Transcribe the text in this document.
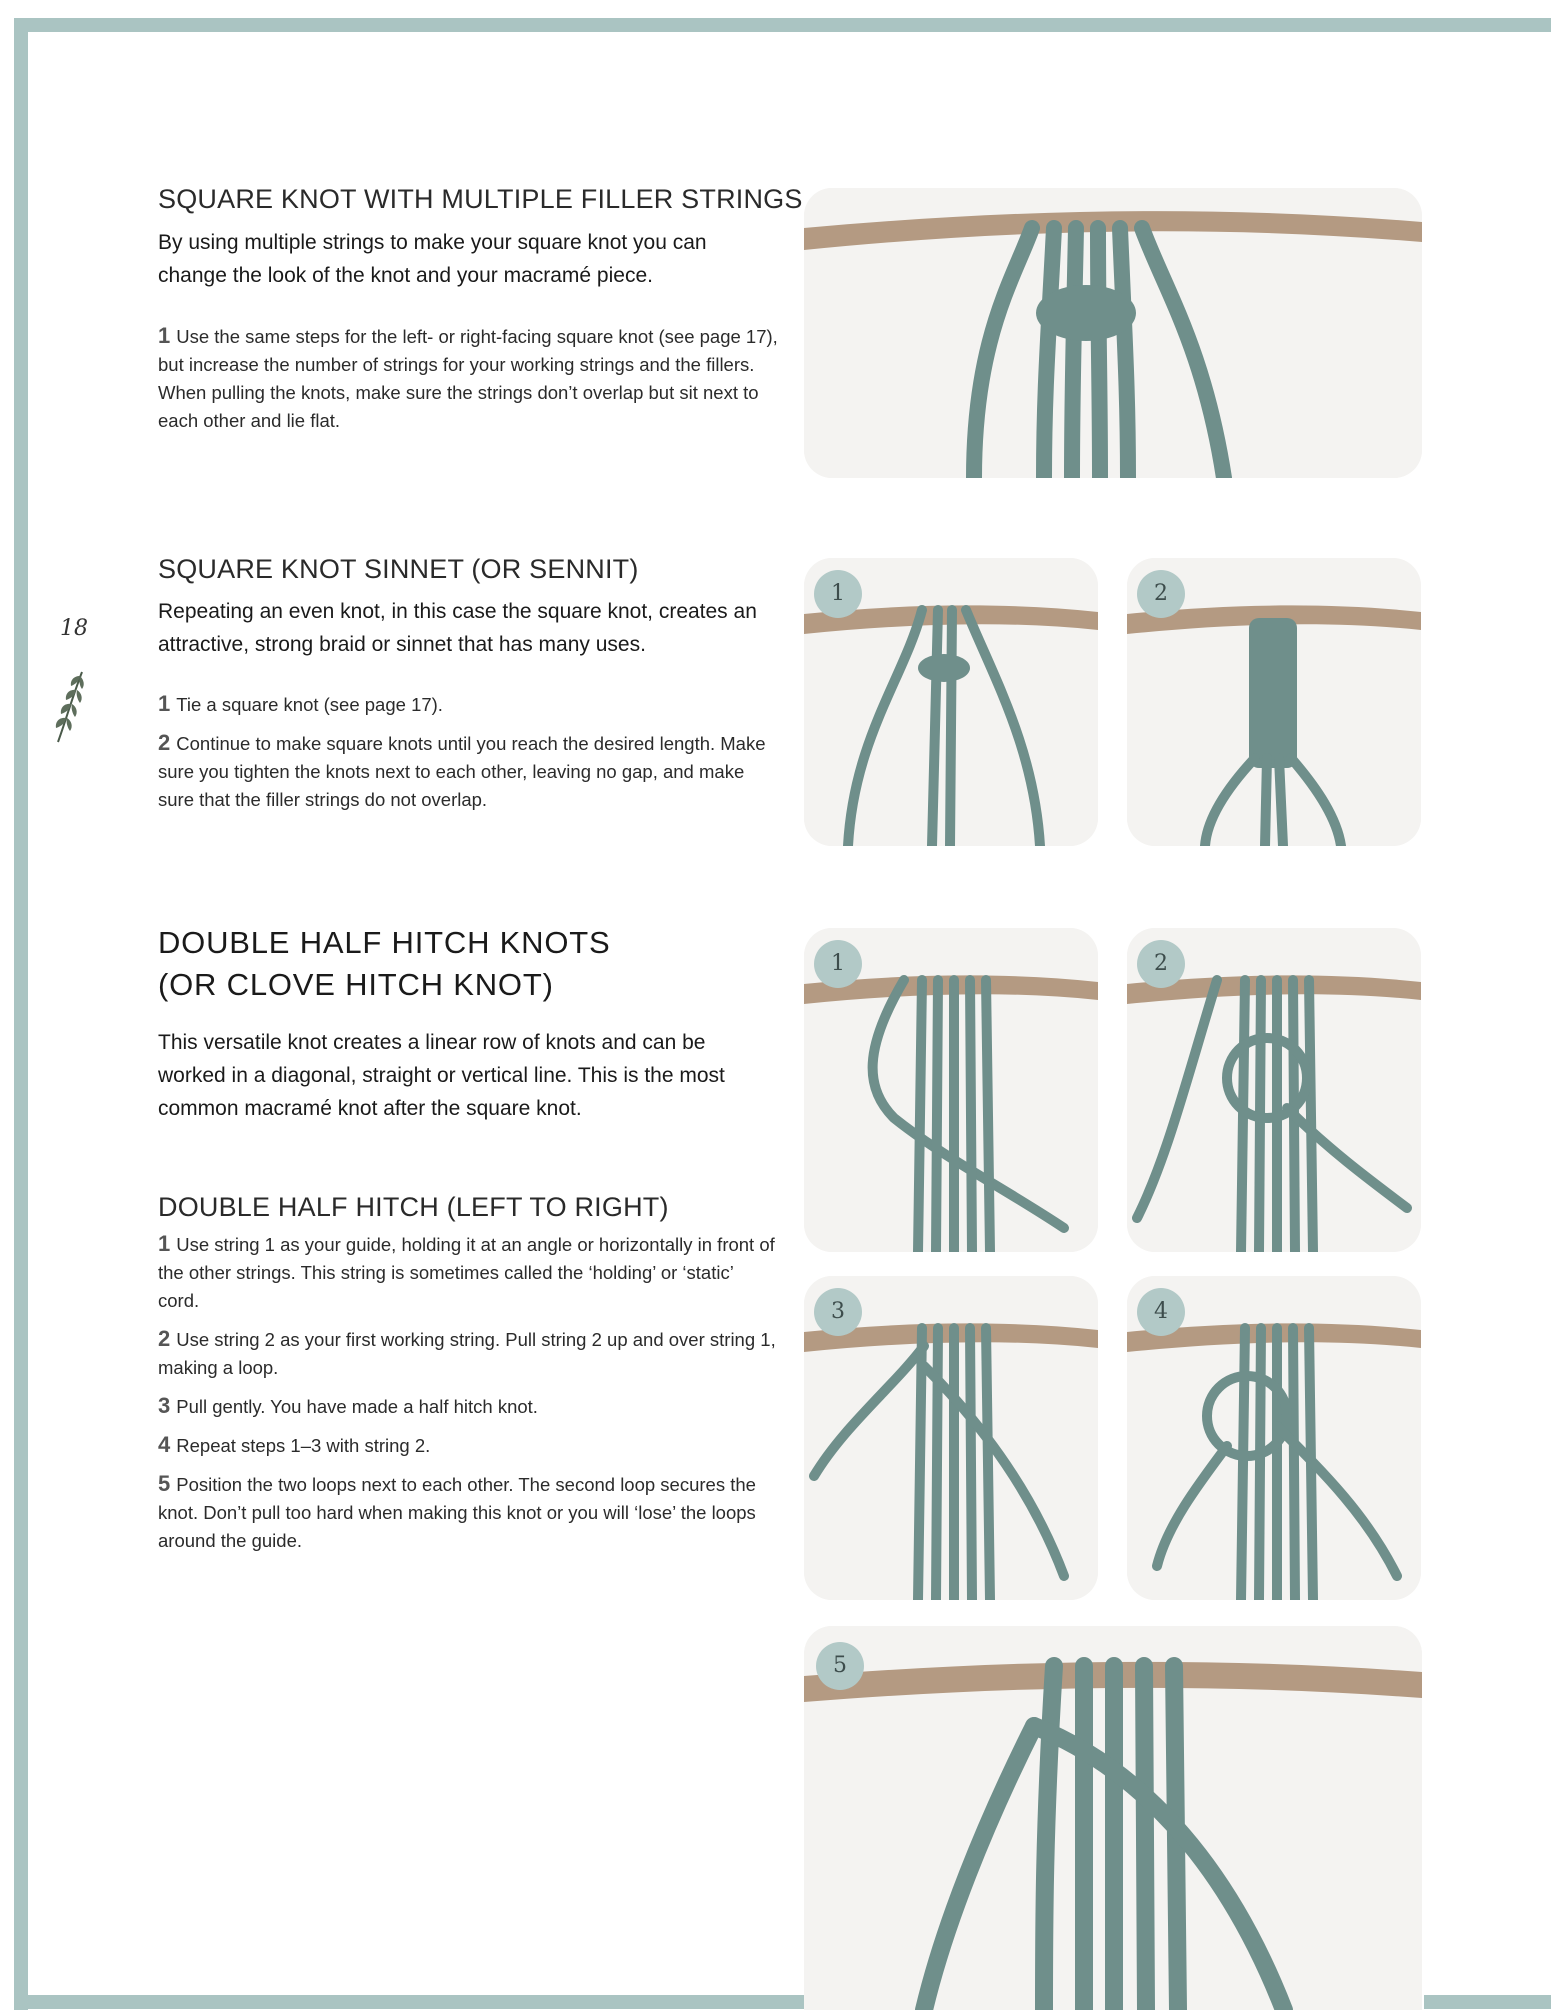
18
SQUARE KNOT WITH MULTIPLE FILLER STRINGS
By using multiple strings to make your square knot you can change the look of the knot and your macramé piece.
1 Use the same steps for the left- or right-facing square knot (see page 17), but increase the number of strings for your working strings and the fillers. When pulling the knots, make sure the strings don’t overlap but sit next to each other and lie flat.
SQUARE KNOT SINNET (OR SENNIT)
Repeating an even knot, in this case the square knot, creates an attractive, strong braid or sinnet that has many uses.
1 Tie a square knot (see page 17).
2 Continue to make square knots until you reach the desired length. Make sure you tighten the knots next to each other, leaving no gap, and make sure that the filler strings do not overlap.
1	2
DOUBLE HALF HITCH KNOTS
(OR CLOVE HITCH KNOT)
This versatile knot creates a linear row of knots and can be worked in a diagonal, straight or vertical line. This is the most common macramé knot after the square knot.
DOUBLE HALF HITCH (LEFT TO RIGHT)
1 Use string 1 as your guide, holding it at an angle or horizontally in front of the other strings. This string is sometimes called the ‘holding’ or ‘static’ cord.
2 Use string 2 as your first working string. Pull string 2 up and over string 1, making a loop.
3 Pull gently. You have made a half hitch knot.
4 Repeat steps 1–3 with string 2.
5 Position the two loops next to each other. The second loop secures the knot. Don’t pull too hard when making this knot or you will ‘lose’ the loops around the guide.
1	2
3	4
5
